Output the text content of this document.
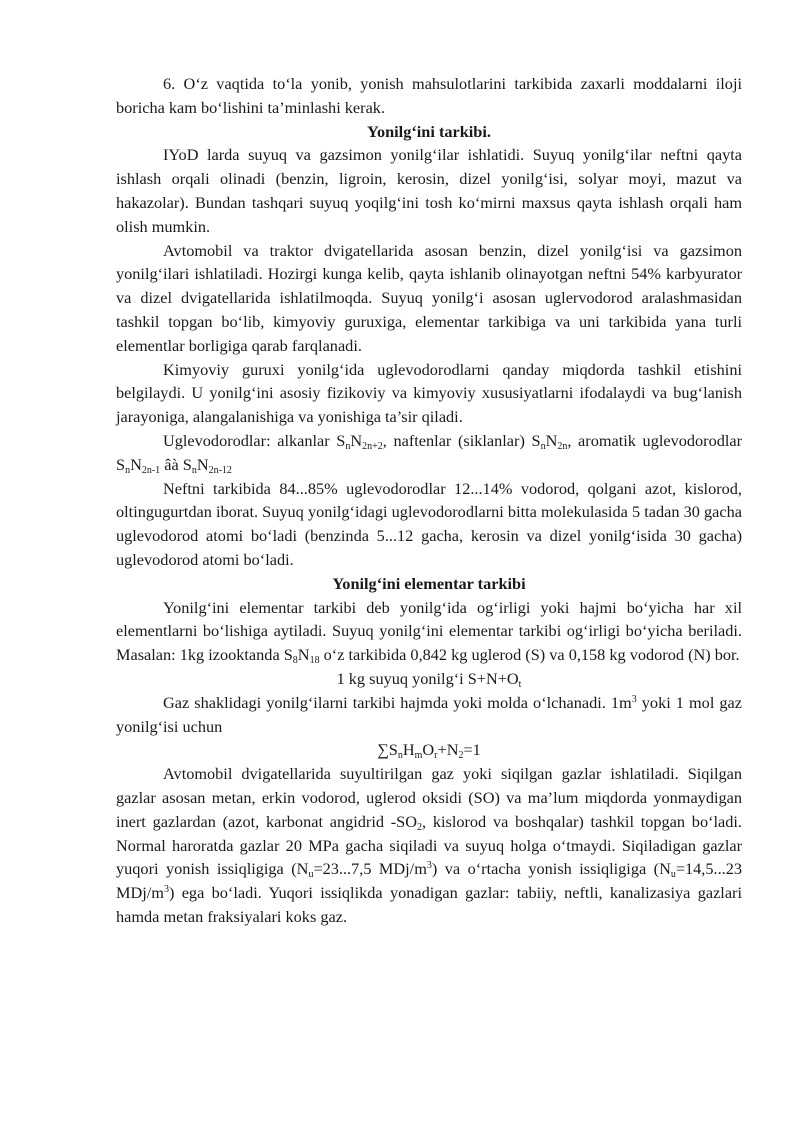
6. O‘z vaqtida to‘la yonib, yonish mahsulotlarini tarkibida zaxarli moddalarni iloji boricha kam bo‘lishini ta’minlashi kerak.

Yonilg‘ini tarkibi.

IYoD larda suyuq va gazsimon yonilg‘ilar ishlatidi. Suyuq yonilg‘ilar neftni qayta ishlash orqali olinadi (benzin, ligroin, kerosin, dizel yonilg‘isi, solyar moyi, mazut va hakazolar). Bundan tashqari suyuq yoqilg‘ini tosh ko‘mirni maxsus qayta ishlash orqali ham olish mumkin.

Avtomobil va traktor dvigatellarida asosan benzin, dizel yonilg‘isi va gazsimon yonilg‘ilari ishlatiladi. Hozirgi kunga kelib, qayta ishlanib olinayotgan neftni 54% karbyurator va dizel dvigatellarida ishlatilmoqda. Suyuq yonilg‘i asosan uglervodorod aralashmasidan tashkil topgan bo‘lib, kimyoviy guruxiga, elementar tarkibiga va uni tarkibida yana turli elementlar borligiga qarab farqlanadi.

Kimyoviy guruxi yonilg‘ida uglevodorodlarni qanday miqdorda tashkil etishini belgilaydi. U yonilg‘ini asosiy fizikoviy va kimyoviy xususiyatlarni ifodalaydi va bug‘lanish jarayoniga, alangalanishiga va yonishiga ta’sir qiladi.

Uglevodorodlar: alkanlar $S_nN_{2n+2}$, naftenlar (siklanlar) $S_nN_{2n}$, aromatik uglevodorodlar $S_nN_{2n-1}$ âà $S_nN_{2n-12}$

Neftni tarkibida 84...85% uglevodorodlar 12...14% vodorod, qolgani azot, kislorod, oltingugurtdan iborat. Suyuq yonilg‘idagi uglevodorodlarni bitta molekulasida 5 tadan 30 gacha uglevodorod atomi bo‘ladi (benzinda 5...12 gacha, kerosin va dizel yonilg‘isida 30 gacha) uglevodorod atomi bo‘ladi.

Yonilg‘ini elementar tarkibi

Yonilg‘ini elementar tarkibi deb yonilg‘ida og‘irligi yoki hajmi bo‘yicha har xil elementlarni bo‘lishiga aytiladi. Suyuq yonilg‘ini elementar tarkibi og‘irligi bo‘yicha beriladi. Masalan: 1kg izooktanda $S_8N_{18}$ o‘z tarkibida 0,842 kg uglerod (S) va 0,158 kg vodorod (N) bor.

1 kg suyuq yonilg‘i $S+N+O_t$

Gaz shaklidagi yonilg‘ilarni tarkibi hajmda yoki molda o‘lchanadi. $1m^3$ yoki 1 mol gaz yonilg‘isi uchun

$\sum S_nH_mO_r+N_2=1$

Avtomobil dvigatellarida suyultirilgan gaz yoki siqilgan gazlar ishlatiladi. Siqilgan gazlar asosan metan, erkin vodorod, uglerod oksidi (SO) va ma’lum miqdorda yonmaydigan inert gazlardan (azot, karbonat angidrid $-SO_2$, kislorod va boshqalar) tashkil topgan bo‘ladi. Normal haroratda gazlar 20 MPa gacha siqiladi va suyuq holga o‘tmaydi. Siqiladigan gazlar yuqori yonish issiqligiga ($N_u=23...7,5$ MDj/$m^3$) va o‘rtacha yonish issiqligiga ($N_u=14,5...23$ MDj/$m^3$) ega bo‘ladi. Yuqori issiqlikda yonadigan gazlar: tabiiy, neftli, kanalizasiya gazlari hamda metan fraksiyalari koks gaz.
